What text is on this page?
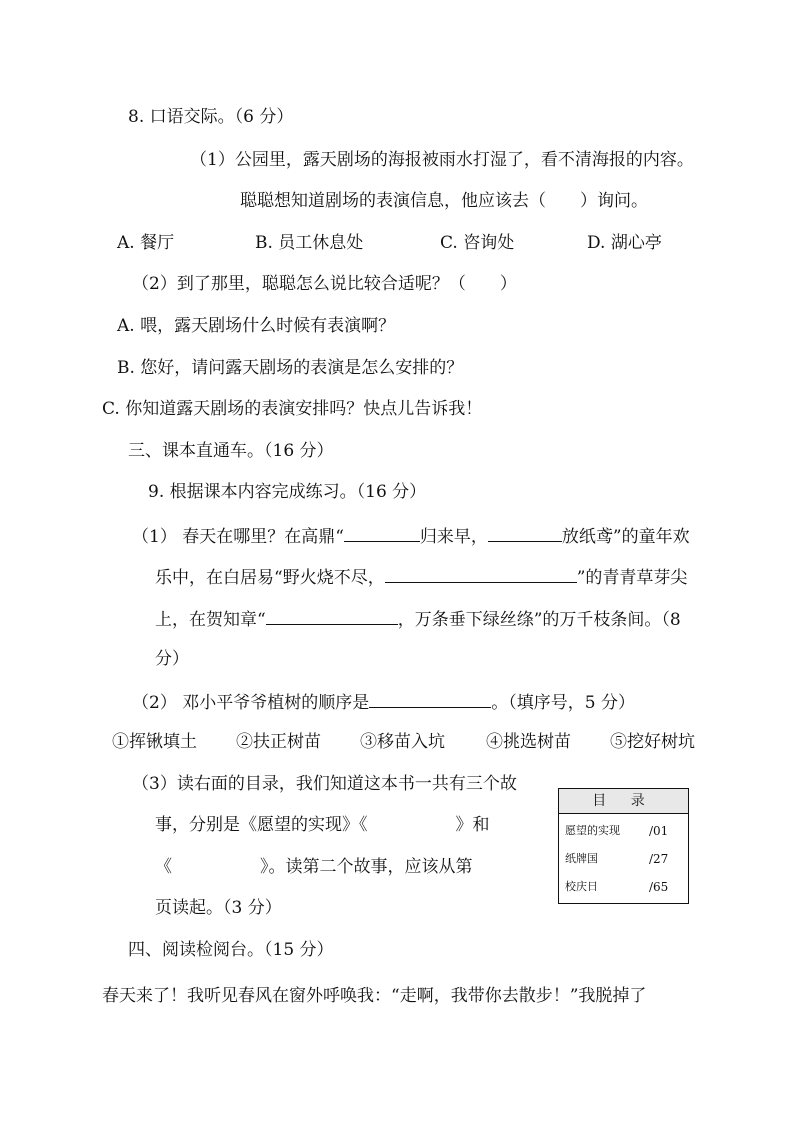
8. 口语交际。（6 分）
（1）公园里，露天剧场的海报被雨水打湿了，看不清海报的内容。
聪聪想知道剧场的表演信息，他应该去（　　）询问。
A. 餐厅	B. 员工休息处	C. 咨询处	D. 湖心亭
（2）到了那里，聪聪怎么说比较合适呢？（　　）
A. 喂，露天剧场什么时候有表演啊？
B. 您好，请问露天剧场的表演是怎么安排的？
C. 你知道露天剧场的表演安排吗？快点儿告诉我！
三、课本直通车。（16 分）
9. 根据课本内容完成练习。（16 分）
（1） 春天在哪里？在高鼎“	归来早，	放纸鸢”的童年欢
乐中，在白居易“野火烧不尽，	”的青青草芽尖
上，在贺知章“	，万条垂下绿丝绦”的万千枝条间。（8
分）
（2） 邓小平爷爷植树的顺序是	。（填序号，5 分）
①挥锹填土 ②扶正树苗 ③移苗入坑 ④挑选树苗 ⑤挖好树坑
（3）读右面的目录，我们知道这本书一共有三个故
事，分别是《愿望的实现》《	》和
《	》。读第二个故事，应该从第
页读起。（3 分）
目 录
愿望的实现 /01
纸牌国	/27
校庆日	/65
四、阅读检阅台。（15 分）
春天来了！我听见春风在窗外呼唤我：“走啊，我带你去散步！”我脱掉了
